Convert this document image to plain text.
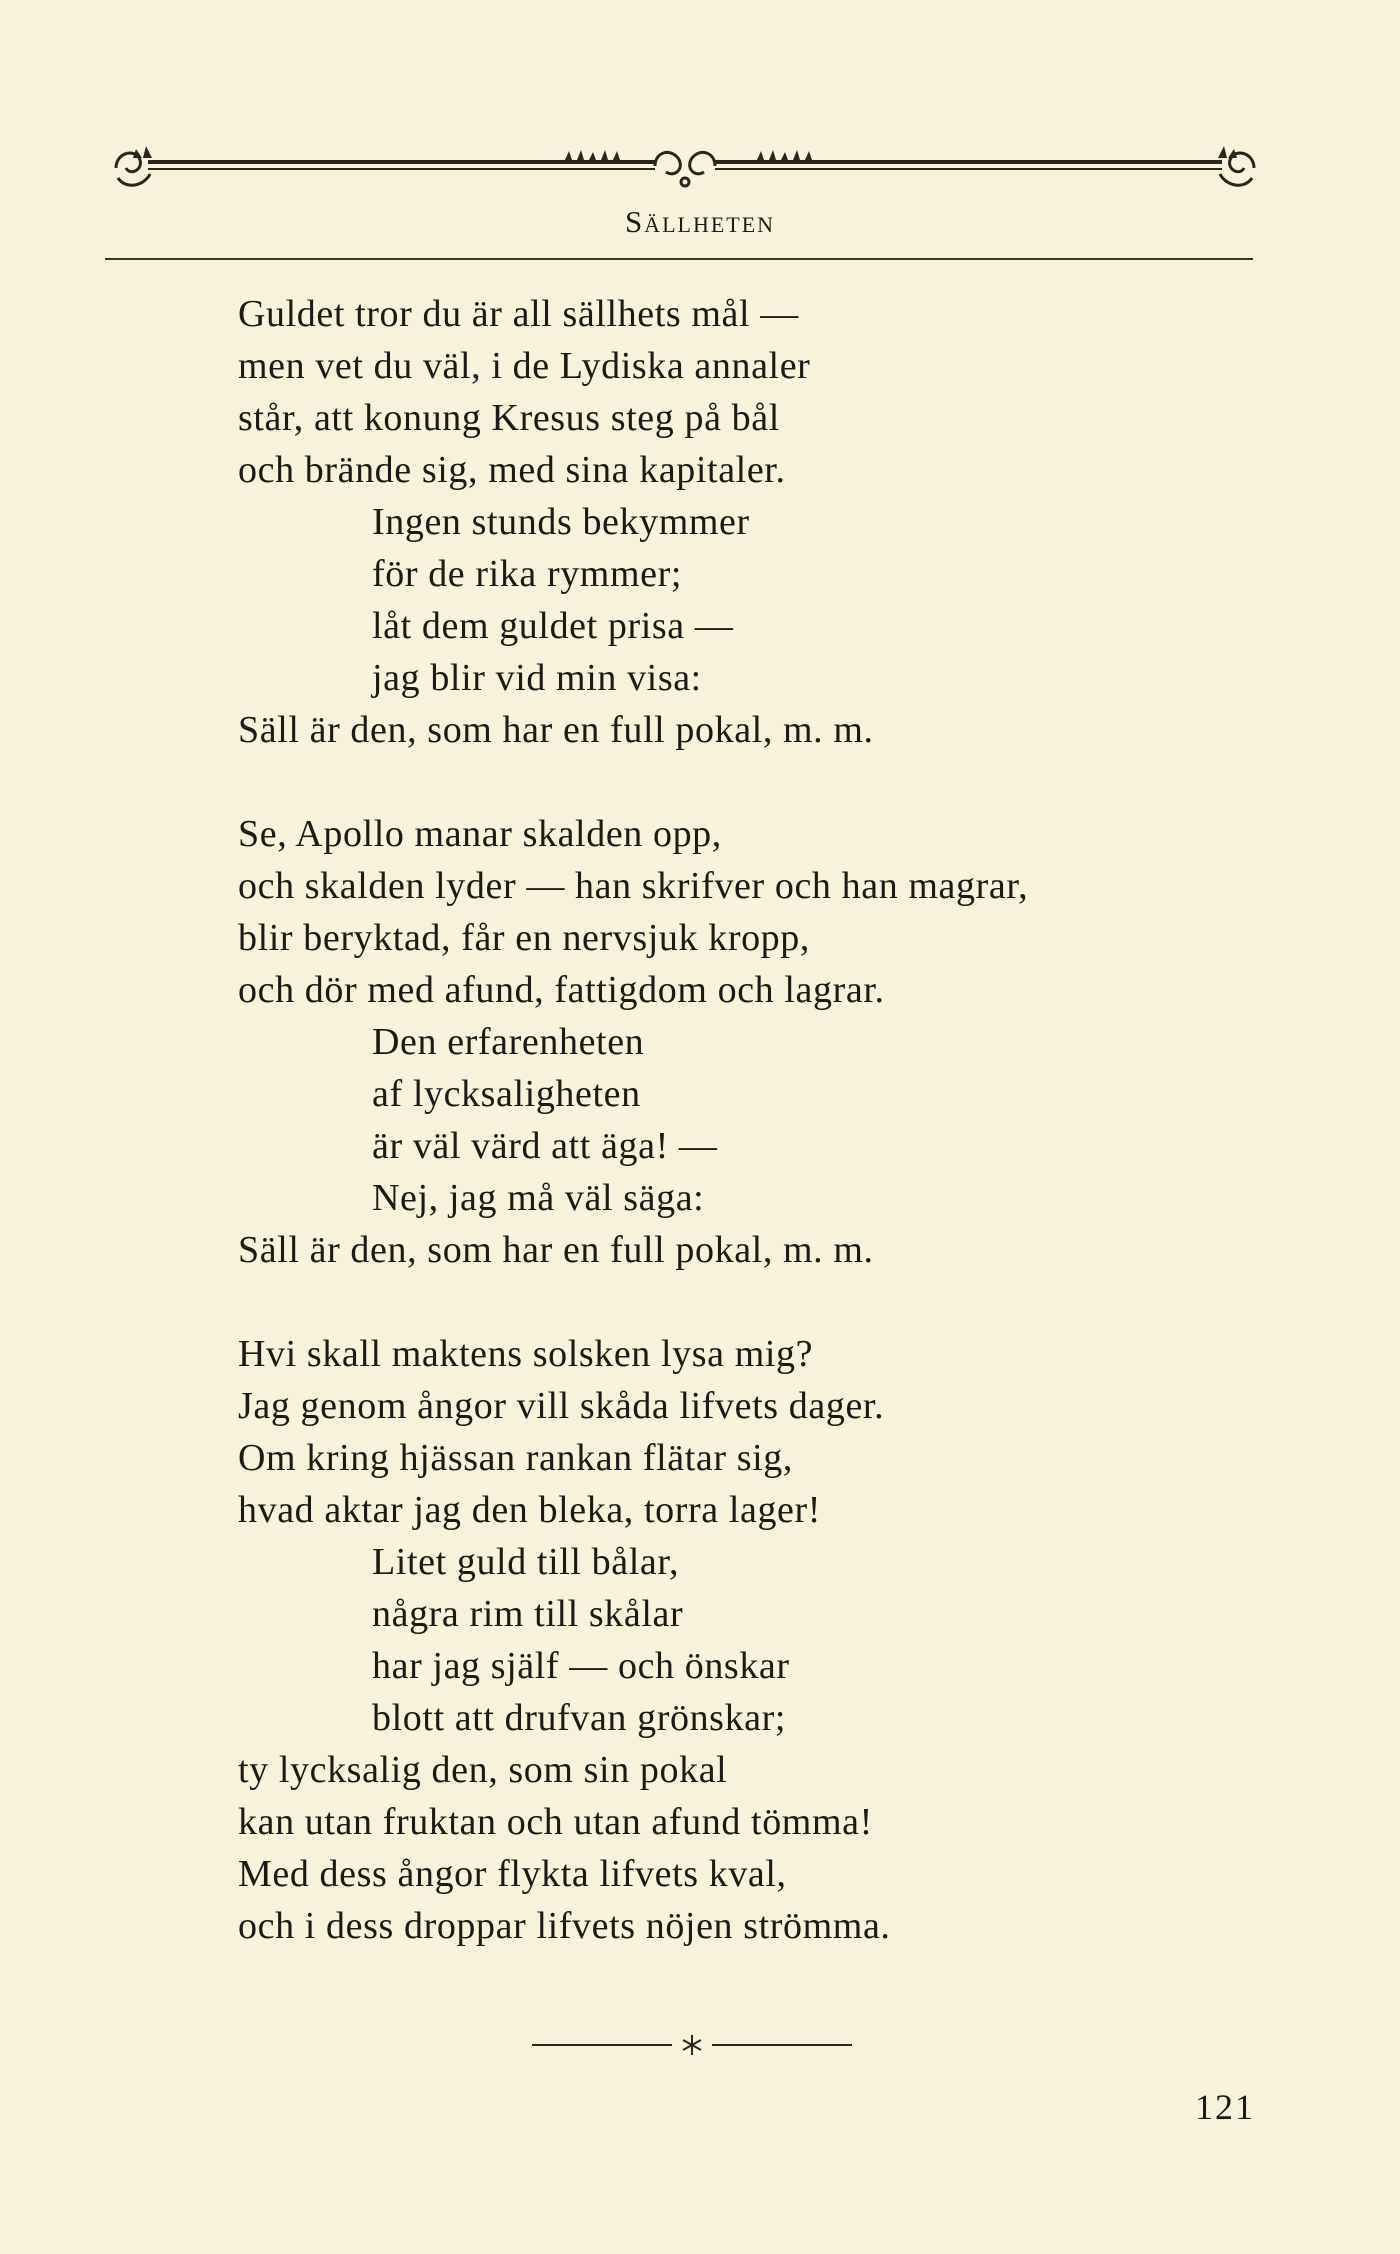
Sällheten
Guldet tror du är all sällhets mål —
men vet du väl, i de Lydiska annaler
står, att konung Kresus steg på bål
och brände sig, med sina kapitaler.
Ingen stunds bekymmer
för de rika rymmer;
låt dem guldet prisa —
jag blir vid min visa:
Säll är den, som har en full pokal, m. m.
Se, Apollo manar skalden opp,
och skalden lyder — han skrifver och han magrar,
blir beryktad, får en nervsjuk kropp,
och dör med afund, fattigdom och lagrar.
Den erfarenheten
af lycksaligheten
är väl värd att äga! —
Nej, jag må väl säga:
Säll är den, som har en full pokal, m. m.
Hvi skall maktens solsken lysa mig?
Jag genom ångor vill skåda lifvets dager.
Om kring hjässan rankan flätar sig,
hvad aktar jag den bleka, torra lager!
Litet guld till bålar,
några rim till skålar
har jag själf — och önskar
blott att drufvan grönskar;
ty lycksalig den, som sin pokal
kan utan fruktan och utan afund tömma!
Med dess ångor flykta lifvets kval,
och i dess droppar lifvets nöjen strömma.
121
